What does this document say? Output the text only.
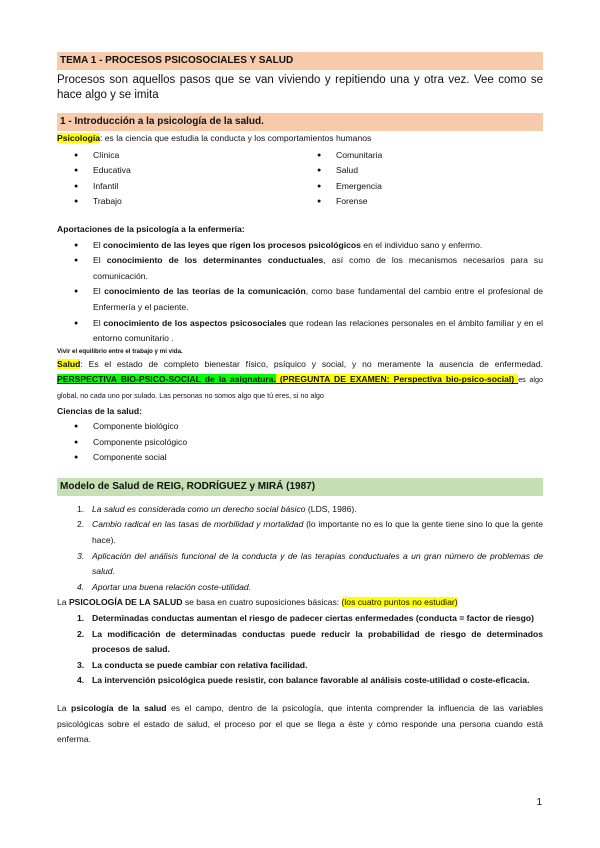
TEMA 1 - PROCESOS PSICOSOCIALES Y SALUD
Procesos son aquellos pasos que se van viviendo y repitiendo una y otra vez. Vee como se hace algo y se imita
1 - Introducción a la psicología de la salud.
Psicología: es la ciencia que estudia la conducta y los comportamientos humanos
● Clínica
● Educativa
● Infantil
● Trabajo
● Comunitaria
● Salud
● Emergencia
● Forense
Aportaciones de la psicología a la enfermería:
● El conocimiento de las leyes que rigen los procesos psicológicos en el individuo sano y enfermo.
● El conocimiento de los determinantes conductuales, así como de los mecanismos necesarios para su comunicación.
● El conocimiento de las teorías de la comunicación, como base fundamental del cambio entre el profesional de Enfermería y el paciente.
● El conocimiento de los aspectos psicosociales que rodean las relaciones personales en el ámbito familiar y en el entorno comunitario .
Vivir el equilibrio entre el trabajo y mi vida.
Salud: Es el estado de completo bienestar físico, psíquico y social, y no meramente la ausencia de enfermedad. PERSPECTIVA BIO-PSICO-SOCIAL de la asignatura. (PREGUNTA DE EXAMEN: Perspectiva bio-psico-social) es algo global, no cada uno por sulado. Las personas no somos algo que tú eres, si no algo
Ciencias de la salud:
● Componente biológico
● Componente psicológico
● Componente social
Modelo de Salud de REIG, RODRÍGUEZ y MIRÁ (1987)
1. La salud es considerada como un derecho social básico (LDS, 1986).
2. Cambio radical en las tasas de morbilidad y mortalidad (lo importante no es lo que la gente tiene sino lo que la gente hace).
3. Aplicación del análisis funcional de la conducta y de las terapias conductuales a un gran número de problemas de salud.
4. Aportar una buena relación coste-utilidad.
La PSICOLOGÍA DE LA SALUD se basa en cuatro suposiciones básicas: (los cuatro puntos no estudiar)
1. Determinadas conductas aumentan el riesgo de padecer ciertas enfermedades (conducta = factor de riesgo)
2. La modificación de determinadas conductas puede reducir la probabilidad de riesgo de determinados procesos de salud.
3. La conducta se puede cambiar con relativa facilidad.
4. La intervención psicológica puede resistir, con balance favorable al análisis coste-utilidad o coste-eficacia.
La psicología de la salud es el campo, dentro de la psicología, que intenta comprender la influencia de las variables psicológicas sobre el estado de salud, el proceso por el que se llega a éste y cómo responde una persona cuando está enferma.
1
